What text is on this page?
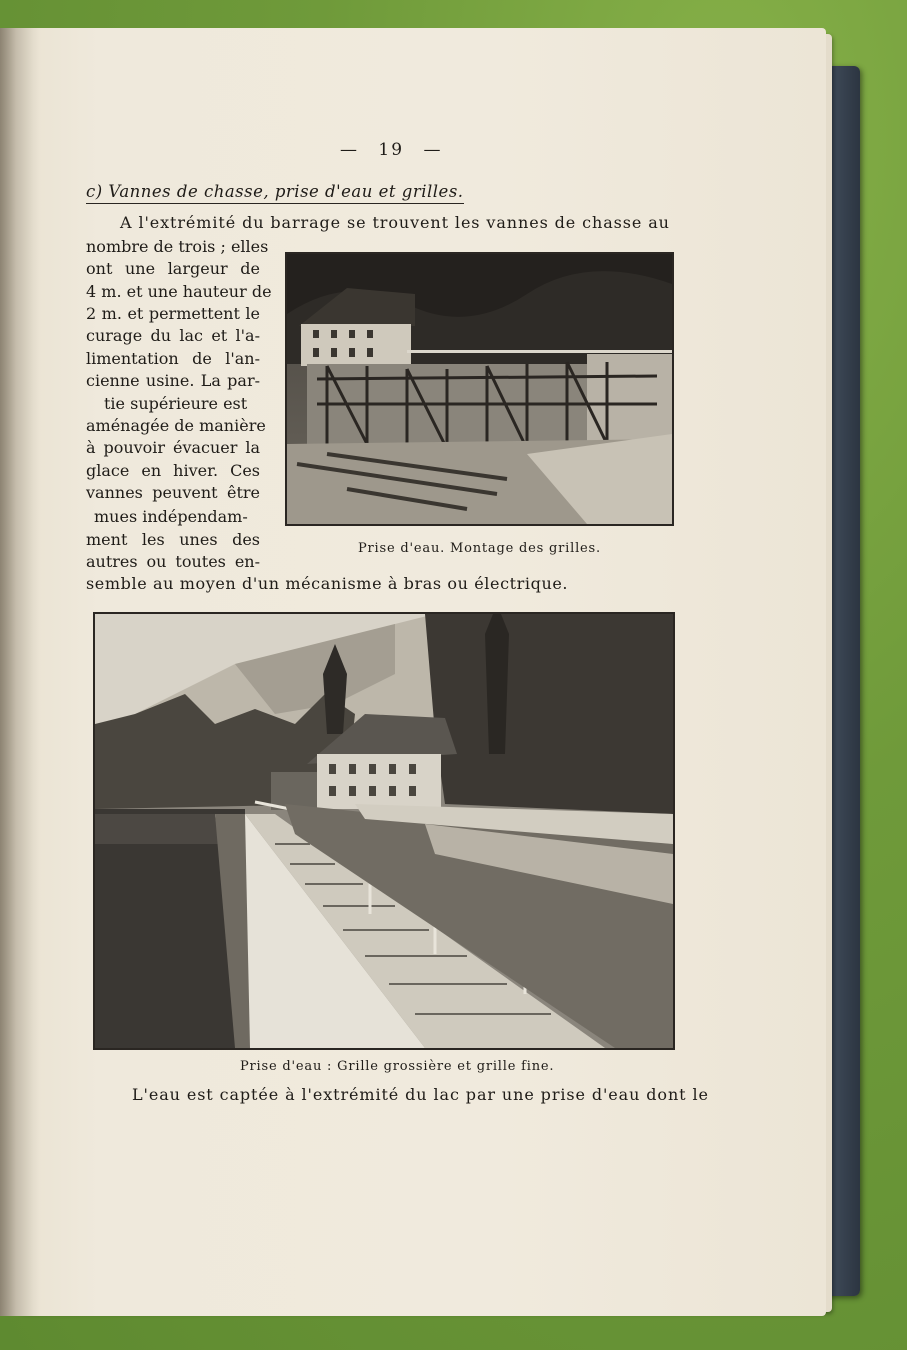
— 19 —
c) Vannes de chasse, prise d'eau et grilles.
A l'extrémité du barrage se trouvent les vannes de chasse au
nombre de trois ; elles
ont une largeur de
4 m. et une hauteur de
2 m. et permettent le
curage du lac et l'a-
limentation de l'an-
cienne usine. La par-
tie supérieure est
aménagée de manière
à pouvoir évacuer la
glace en hiver. Ces
vannes peuvent être
mues indépendam-
ment les unes des
autres ou toutes en-
semble au moyen d'un mécanisme à bras ou électrique.
Prise d'eau. Montage des grilles.
Prise d'eau : Grille grossière et grille fine.
L'eau est captée à l'extrémité du lac par une prise d'eau dont le
